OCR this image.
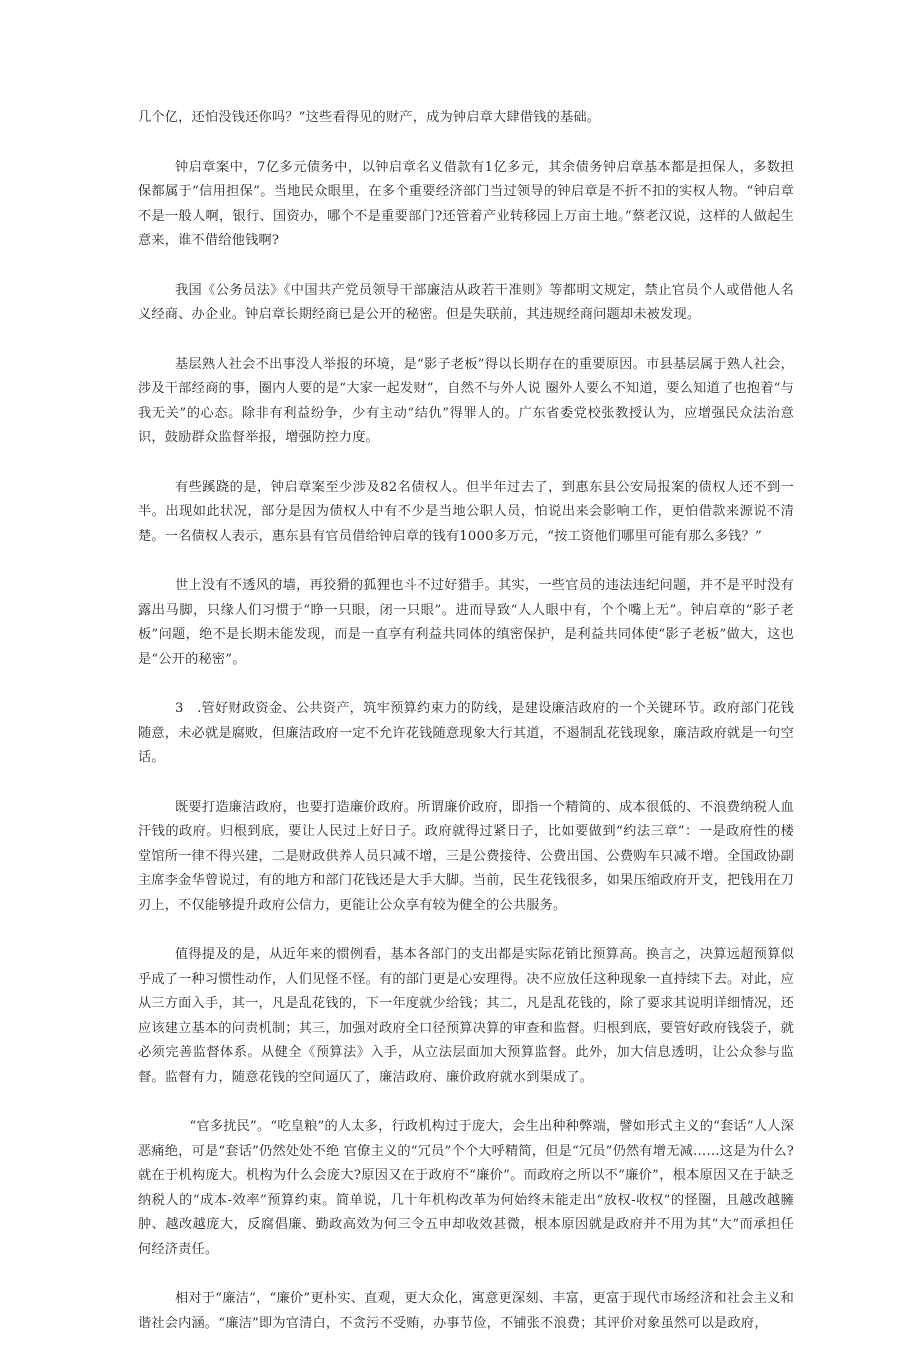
几个亿，还怕没钱还你吗？”这些看得见的财产，成为钟启章大肆借钱的基础。

钟启章案中，7亿多元债务中，以钟启章名义借款有1亿多元，其余债务钟启章基本都是担保人，多数担保都属于“信用担保”。当地民众眼里，在多个重要经济部门当过领导的钟启章是不折不扣的实权人物。“钟启章不是一般人啊，银行、国资办，哪个不是重要部门?还管着产业转移园上万亩土地。”蔡老汉说，这样的人做起生意来，谁不借给他钱啊?

我国《公务员法》《中国共产党员领导干部廉洁从政若干准则》等都明文规定，禁止官员个人或借他人名义经商、办企业。钟启章长期经商已是公开的秘密。但是失联前，其违规经商问题却未被发现。

基层熟人社会不出事没人举报的环境，是“影子老板”得以长期存在的重要原因。市县基层属于熟人社会，涉及干部经商的事，圈内人要的是“大家一起发财”，自然不与外人说 圈外人要么不知道，要么知道了也抱着“与我无关”的心态。除非有利益纷争，少有主动“结仇”得罪人的。广东省委党校张教授认为，应增强民众法治意识，鼓励群众监督举报，增强防控力度。

有些蹊跷的是，钟启章案至少涉及82名债权人。但半年过去了，到惠东县公安局报案的债权人还不到一半。出现如此状况，部分是因为债权人中有不少是当地公职人员，怕说出来会影响工作，更怕借款来源说不清楚。一名债权人表示，惠东县有官员借给钟启章的钱有1000多万元，“按工资他们哪里可能有那么多钱？”

世上没有不透风的墙，再狡猾的狐狸也斗不过好猎手。其实，一些官员的违法违纪问题，并不是平时没有露出马脚，只缘人们习惯于“睁一只眼，闭一只眼”。进而导致“人人眼中有，个个嘴上无”。钟启章的“影子老板”问题，绝不是长期未能发现，而是一直享有利益共同体的缜密保护，是利益共同体使“影子老板”做大，这也是“公开的秘密”。

3　.管好财政资金、公共资产，筑牢预算约束力的防线，是建设廉洁政府的一个关键环节。政府部门花钱随意，未必就是腐败，但廉洁政府一定不允许花钱随意现象大行其道，不遏制乱花钱现象，廉洁政府就是一句空话。

既要打造廉洁政府，也要打造廉价政府。所谓廉价政府，即指一个精简的、成本很低的、不浪费纳税人血汗钱的政府。归根到底，要让人民过上好日子。政府就得过紧日子，比如要做到“约法三章”：一是政府性的楼堂馆所一律不得兴建，二是财政供养人员只减不增，三是公费接待、公费出国、公费购车只减不增。全国政协副主席李金华曾说过，有的地方和部门花钱还是大手大脚。当前，民生花钱很多，如果压缩政府开支，把钱用在刀刃上，不仅能够提升政府公信力，更能让公众享有较为健全的公共服务。

值得提及的是，从近年来的惯例看，基本各部门的支出都是实际花销比预算高。换言之，决算远超预算似乎成了一种习惯性动作，人们见怪不怪。有的部门更是心安理得。决不应放任这种现象一直持续下去。对此，应从三方面入手，其一，凡是乱花钱的，下一年度就少给钱；其二，凡是乱花钱的，除了要求其说明详细情况，还应该建立基本的问责机制；其三，加强对政府全口径预算决算的审查和监督。归根到底，要管好政府钱袋子，就必须完善监督体系。从健全《预算法》入手，从立法层面加大预算监督。此外，加大信息透明，让公众参与监督。监督有力，随意花钱的空间逼仄了，廉洁政府、廉价政府就水到渠成了。

“官多扰民”。“吃皇粮”的人太多，行政机构过于庞大，会生出种种弊端，譬如形式主义的“套话”人人深恶痛绝，可是“套话”仍然处处不绝 官僚主义的“冗员”个个大呼精简，但是“冗员”仍然有增无减……这是为什么?就在于机构庞大。机构为什么会庞大?原因又在于政府不“廉价”。而政府之所以不“廉价”，根本原因又在于缺乏纳税人的“成本-效率”预算约束。简单说，几十年机构改革为何始终未能走出“放权-收权”的怪圈，且越改越臃肿、越改越庞大，反腐倡廉、勤政高效为何三令五申却收效甚微，根本原因就是政府并不用为其“大”而承担任何经济责任。

相对于“廉洁”，“廉价”更朴实、直观，更大众化，寓意更深刻、丰富，更富于现代市场经济和社会主义和谐社会内涵。“廉洁”即为官清白，不贪污不受贿，办事节俭，不铺张不浪费；其评价对象虽然可以是政府，
